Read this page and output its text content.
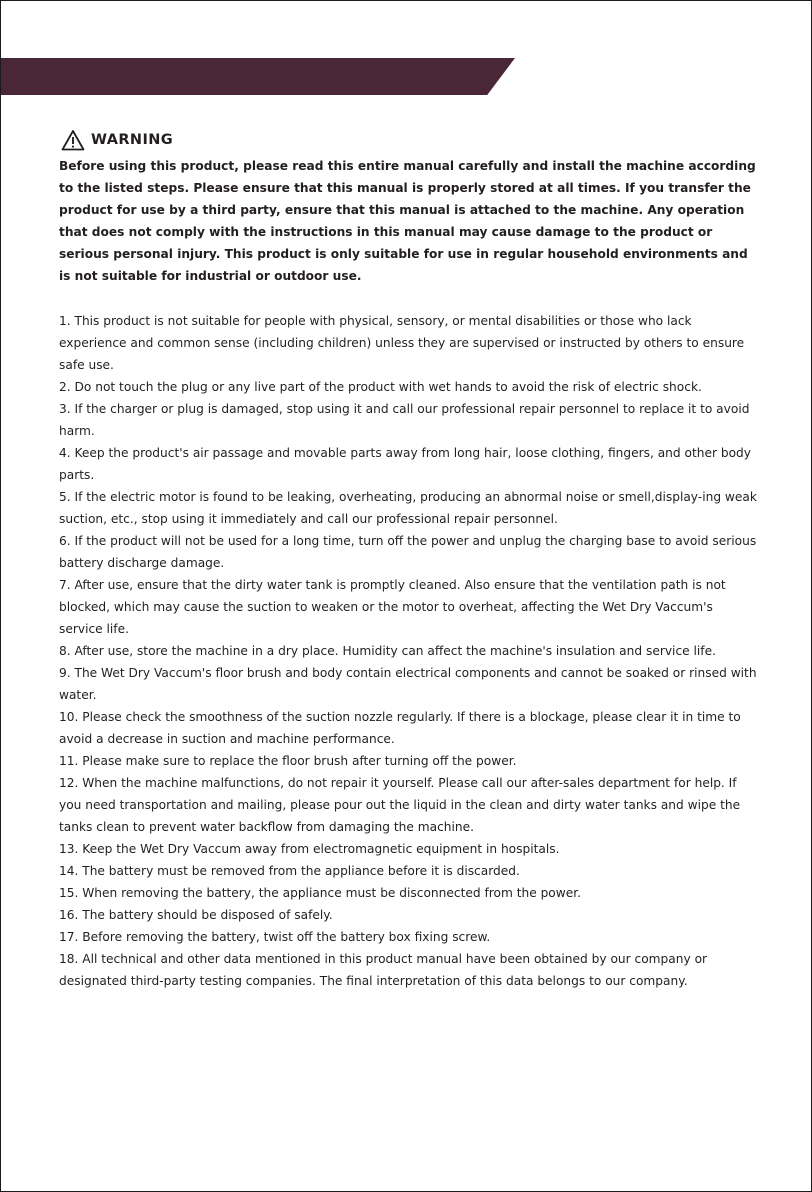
3 SAFETY PRECAUTIONS
WARNING

Before using this product, please read this entire manual carefully and install the machine according to the listed steps. Please ensure that this manual is properly stored at all times. If you transfer the product for use by a third party, ensure that this manual is attached to the machine. Any operation that does not comply with the instructions in this manual may cause damage to the product or serious personal injury. This product is only suitable for use in regular household environments and is not suitable for industrial or outdoor use.

1. This product is not suitable for people with physical, sensory, or mental disabilities or those who lack experience and common sense (including children) unless they are supervised or instructed by others to ensure safe use.
2. Do not touch the plug or any live part of the product with wet hands to avoid the risk of electric shock.
3. If the charger or plug is damaged, stop using it and call our professional repair personnel to replace it to avoid harm.
4. Keep the product's air passage and movable parts away from long hair, loose clothing, fingers, and other body parts.
5. If the electric motor is found to be leaking, overheating, producing an abnormal noise or smell,display-ing weak suction, etc., stop using it immediately and call our professional repair personnel.
6. If the product will not be used for a long time, turn off the power and unplug the charging base to avoid serious battery discharge damage.
7. After use, ensure that the dirty water tank is promptly cleaned. Also ensure that the ventilation path is not blocked, which may cause the suction to weaken or the motor to overheat, affecting the Wet Dry Vaccum's service life.
8. After use, store the machine in a dry place. Humidity can affect the machine's insulation and service life.
9. The Wet Dry Vaccum's floor brush and body contain electrical components and cannot be soaked or rinsed with water.
10. Please check the smoothness of the suction nozzle regularly. If there is a blockage, please clear it in time to avoid a decrease in suction and machine performance.
11. Please make sure to replace the floor brush after turning off the power.
12. When the machine malfunctions, do not repair it yourself. Please call our after-sales department for help. If you need transportation and mailing, please pour out the liquid in the clean and dirty water tanks and wipe the tanks clean to prevent water backflow from damaging the machine.
13. Keep the Wet Dry Vaccum away from electromagnetic equipment in hospitals.
14. The battery must be removed from the appliance before it is discarded.
15. When removing the battery, the appliance must be disconnected from the power.
16. The battery should be disposed of safely.
17. Before removing the battery, twist off the battery box fixing screw.
18. All technical and other data mentioned in this product manual have been obtained by our company or designated third-party testing companies. The final interpretation of this data belongs to our company.
